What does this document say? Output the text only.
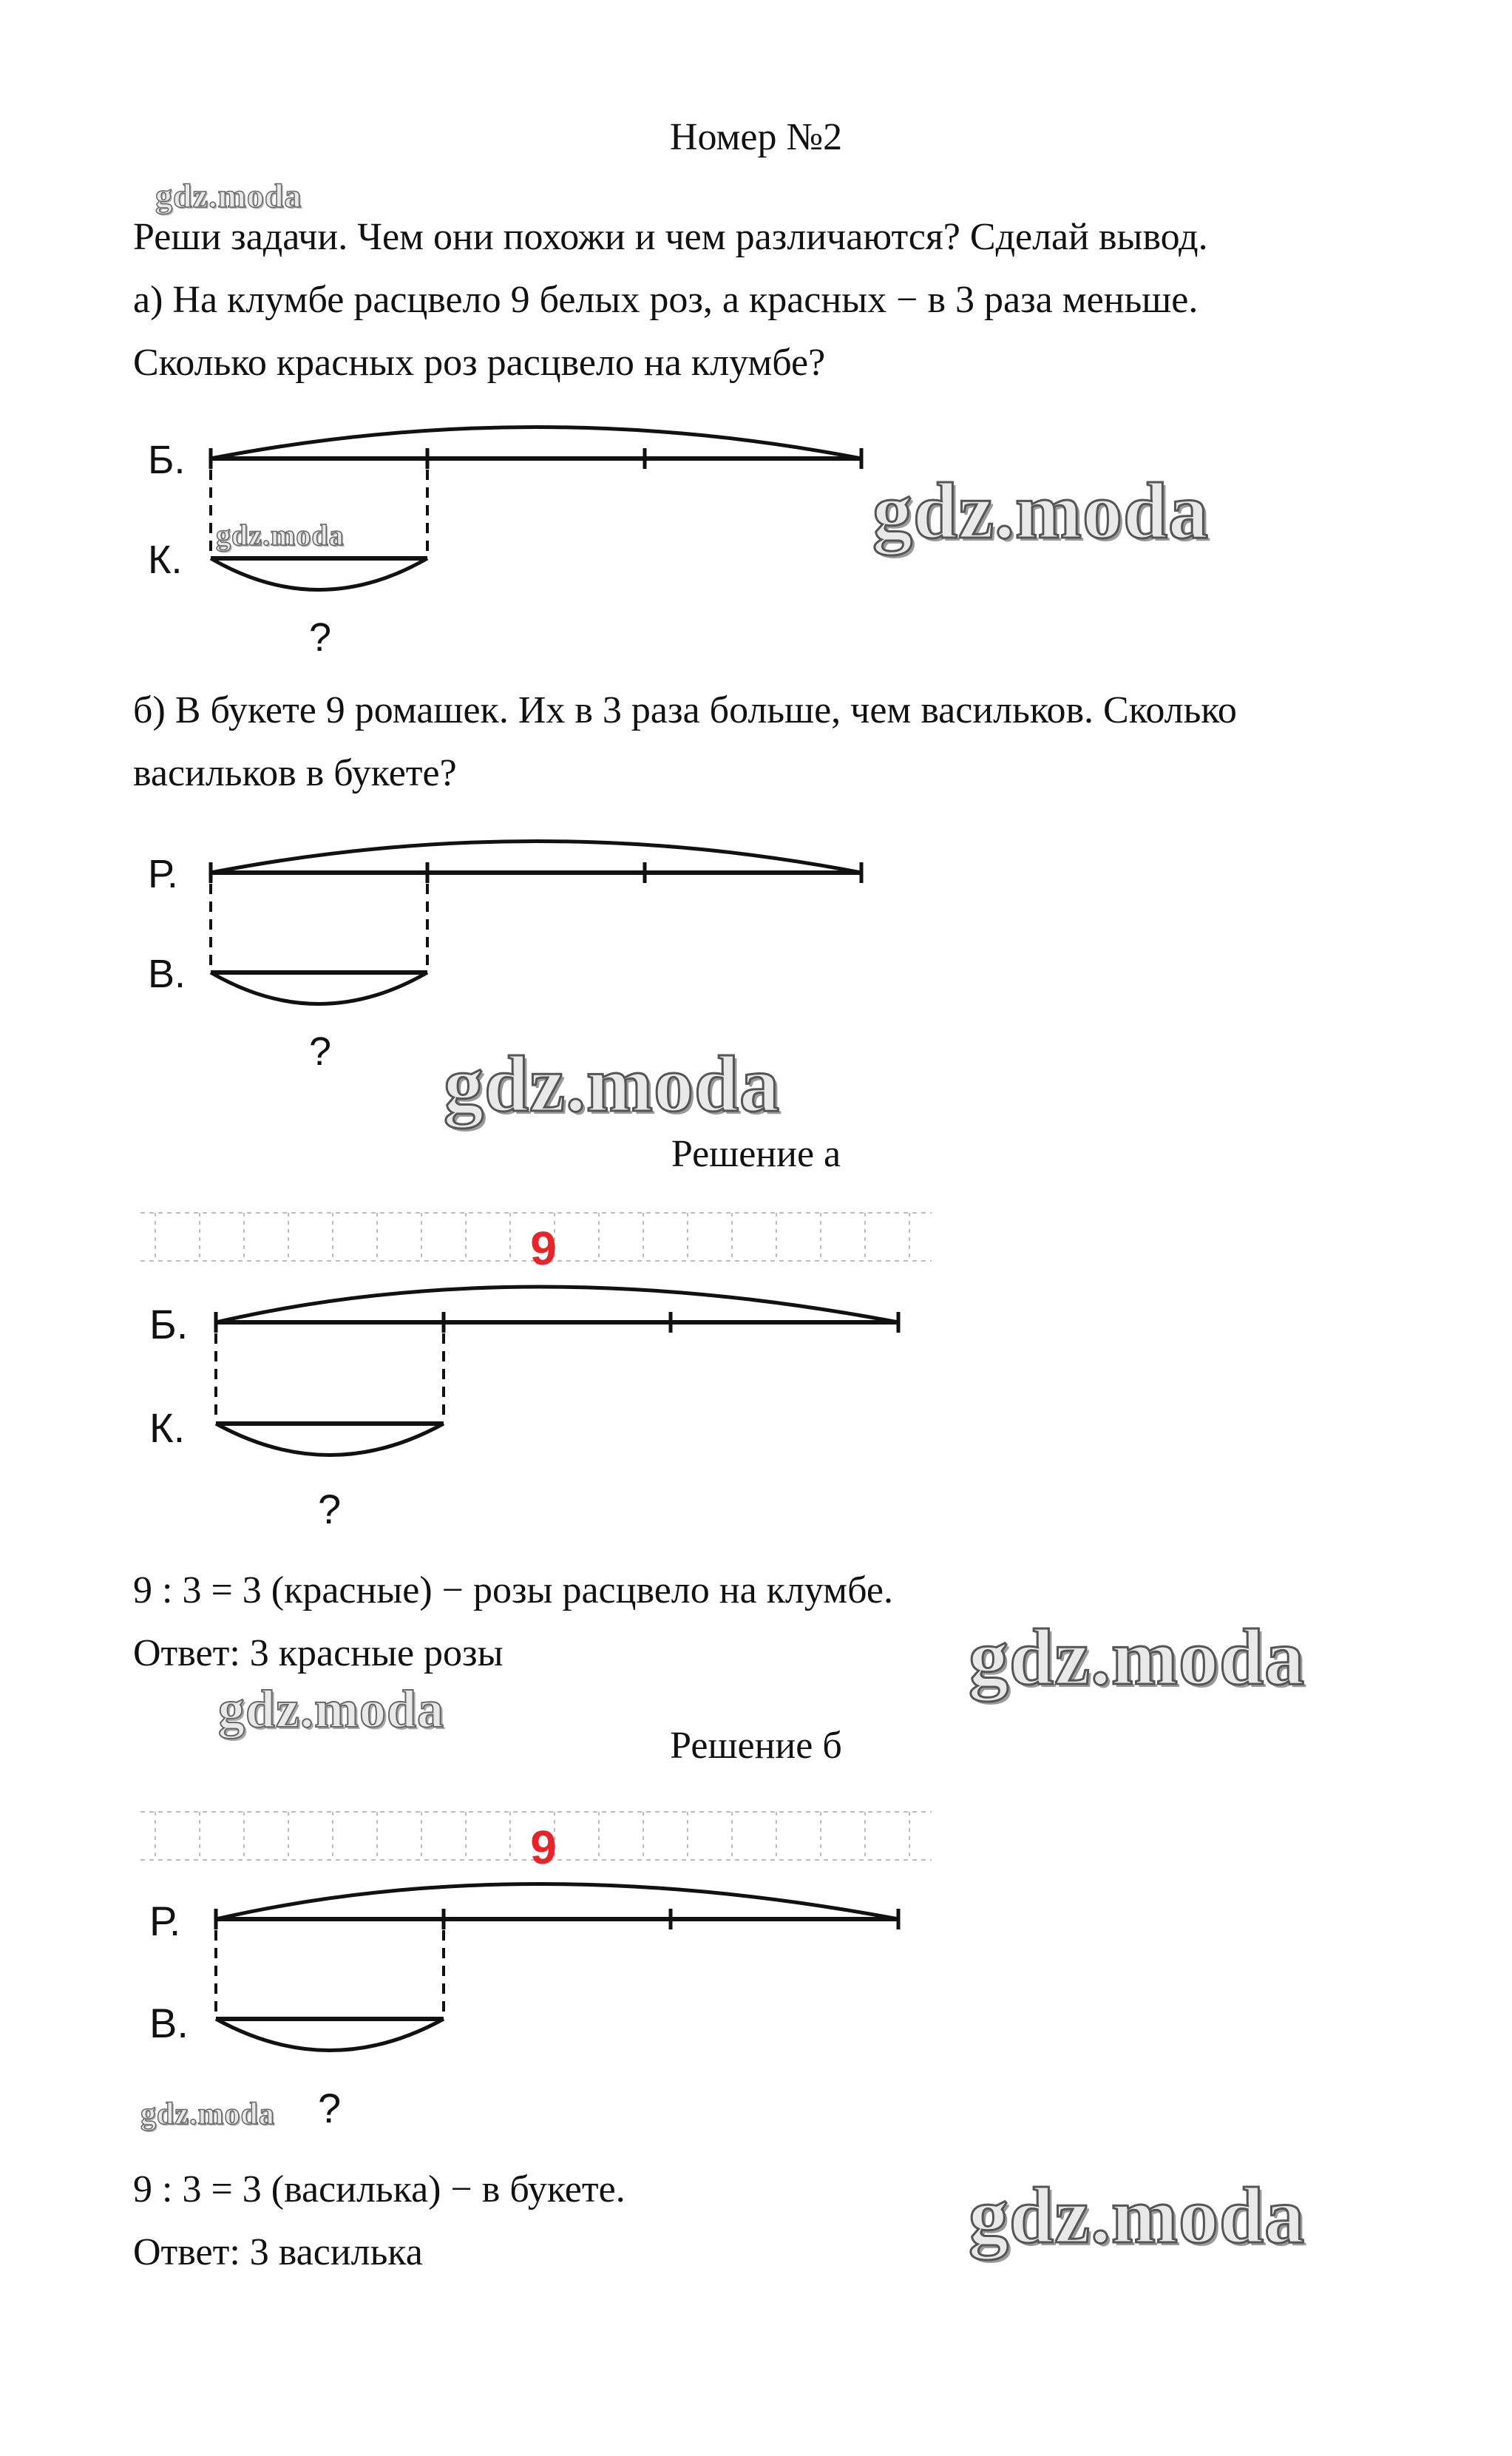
Номер №2
Реши задачи. Чем они похожи и чем различаются? Сделай вывод.
а) На клумбе расцвело 9 белых роз, а красных − в 3 раза меньше.
Сколько красных роз расцвело на клумбе?
Б.
К.
?
б) В букете 9 ромашек. Их в 3 раза больше, чем васильков. Сколько
васильков в букете?
Р.
В.
?
Решение а
9
Б.
К.
?
9 : 3 = 3 (красные) − розы расцвело на клумбе.
Ответ: 3 красные розы
Решение б
9
Р.
В.
?
9 : 3 = 3 (василька) − в букете.
Ответ: 3 василька
gdz.moda
gdz.moda
gdz.moda
gdz.moda
gdz.moda
gdz.moda
gdz.moda
gdz.moda
